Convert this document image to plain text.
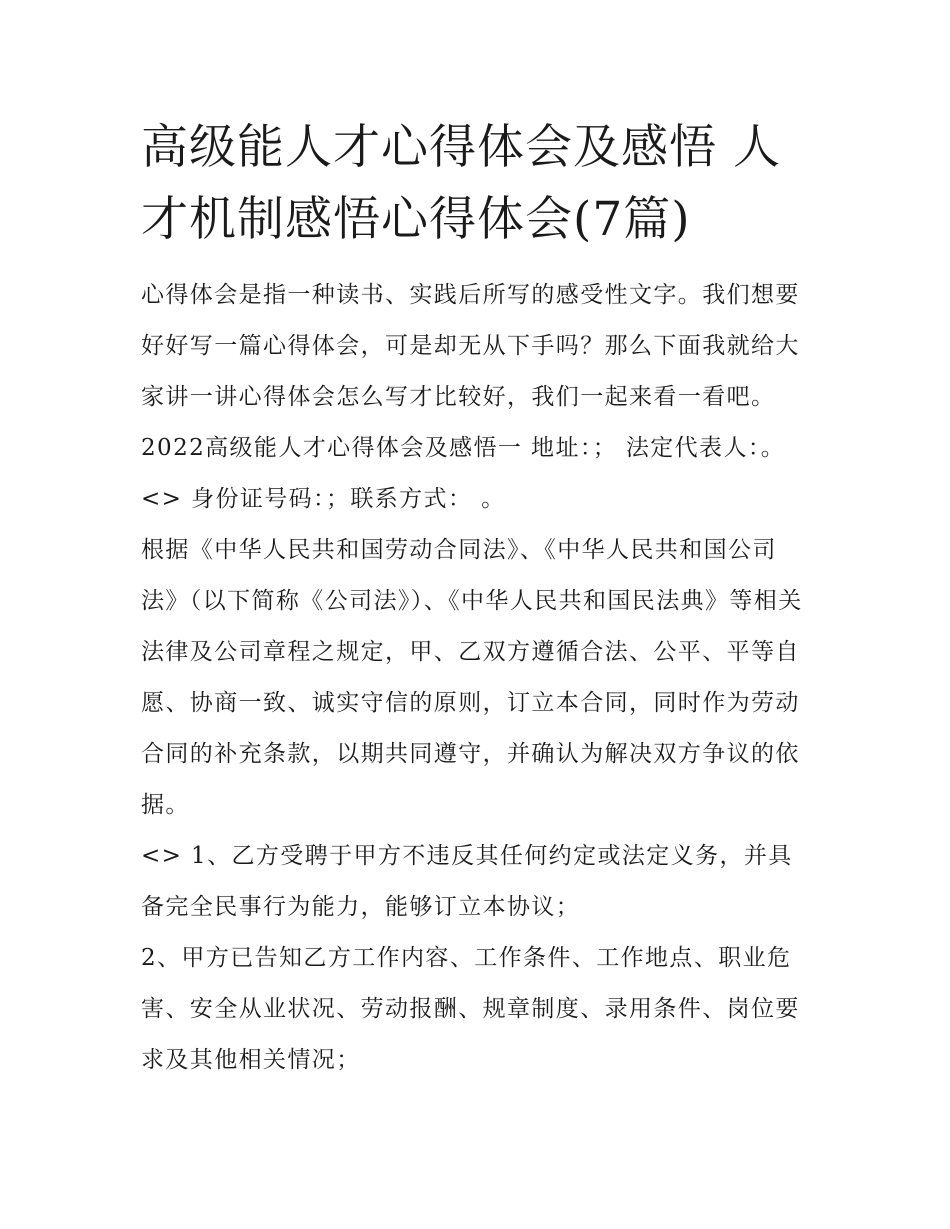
高级能人才心得体会及感悟 人才机制感悟心得体会(7篇)

心得体会是指一种读书、实践后所写的感受性文字。我们想要好好写一篇心得体会，可是却无从下手吗？那么下面我就给大家讲一讲心得体会怎么写才比较好，我们一起来看一看吧。

2022高级能人才心得体会及感悟一 地址：； 法定代表人：。

<> 身份证号码：；联系方式： 。

根据《中华人民共和国劳动合同法》、《中华人民共和国公司法》（以下简称《公司法》）、《中华人民共和国民法典》等相关法律及公司章程之规定，甲、乙双方遵循合法、公平、平等自愿、协商一致、诚实守信的原则，订立本合同，同时作为劳动合同的补充条款，以期共同遵守，并确认为解决双方争议的依据。

<> 1、乙方受聘于甲方不违反其任何约定或法定义务，并具备完全民事行为能力，能够订立本协议；

2、甲方已告知乙方工作内容、工作条件、工作地点、职业危害、安全从业状况、劳动报酬、规章制度、录用条件、岗位要求及其他相关情况；
